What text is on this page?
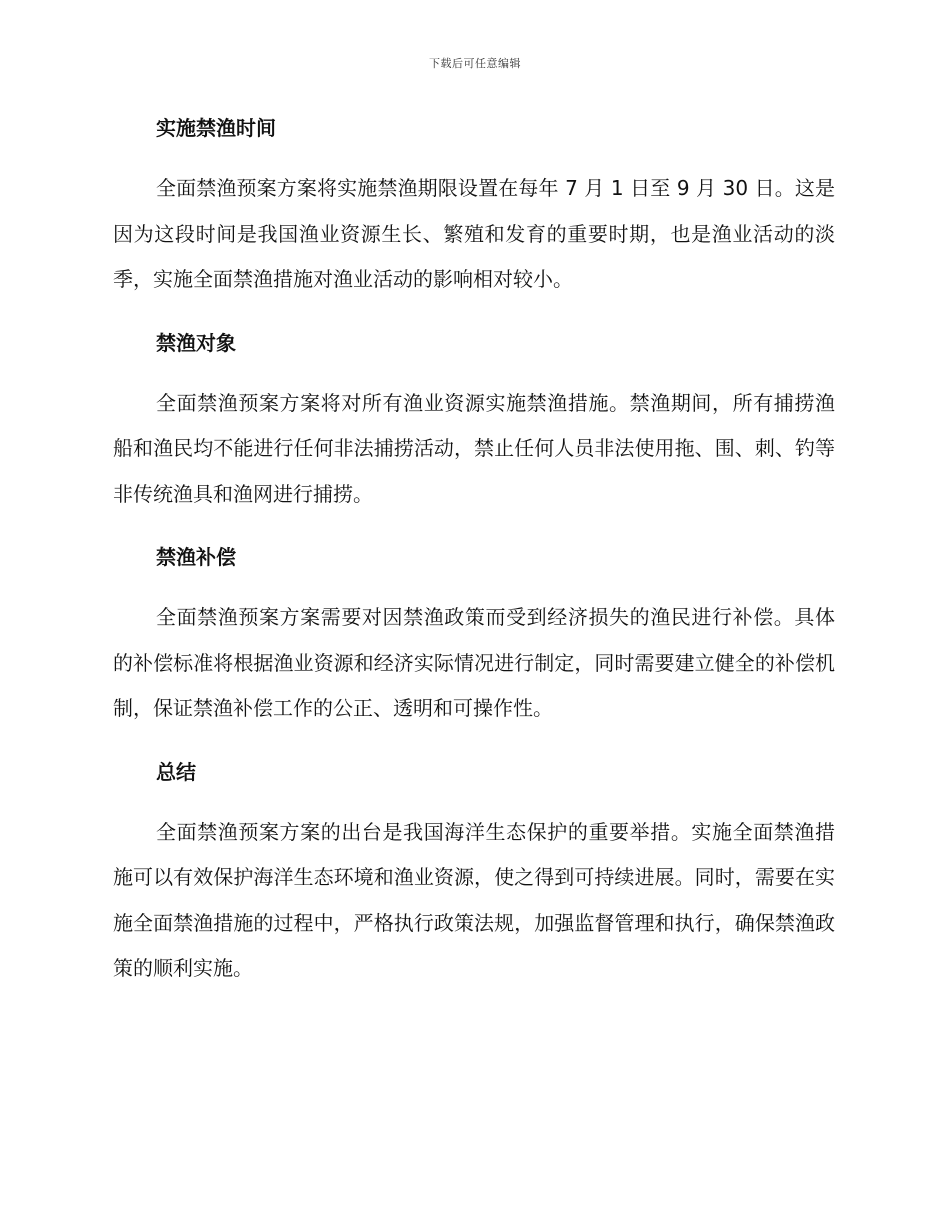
下载后可任意编辑
实施禁渔时间

全面禁渔预案方案将实施禁渔期限设置在每年 7 月 1 日至 9 月 30 日。这是因为这段时间是我国渔业资源生长、繁殖和发育的重要时期，也是渔业活动的淡季，实施全面禁渔措施对渔业活动的影响相对较小。

禁渔对象

全面禁渔预案方案将对所有渔业资源实施禁渔措施。禁渔期间，所有捕捞渔船和渔民均不能进行任何非法捕捞活动，禁止任何人员非法使用拖、围、刺、钓等非传统渔具和渔网进行捕捞。

禁渔补偿

全面禁渔预案方案需要对因禁渔政策而受到经济损失的渔民进行补偿。具体的补偿标准将根据渔业资源和经济实际情况进行制定，同时需要建立健全的补偿机制，保证禁渔补偿工作的公正、透明和可操作性。

总结

全面禁渔预案方案的出台是我国海洋生态保护的重要举措。实施全面禁渔措施可以有效保护海洋生态环境和渔业资源，使之得到可持续进展。同时，需要在实施全面禁渔措施的过程中，严格执行政策法规，加强监督管理和执行，确保禁渔政策的顺利实施。
